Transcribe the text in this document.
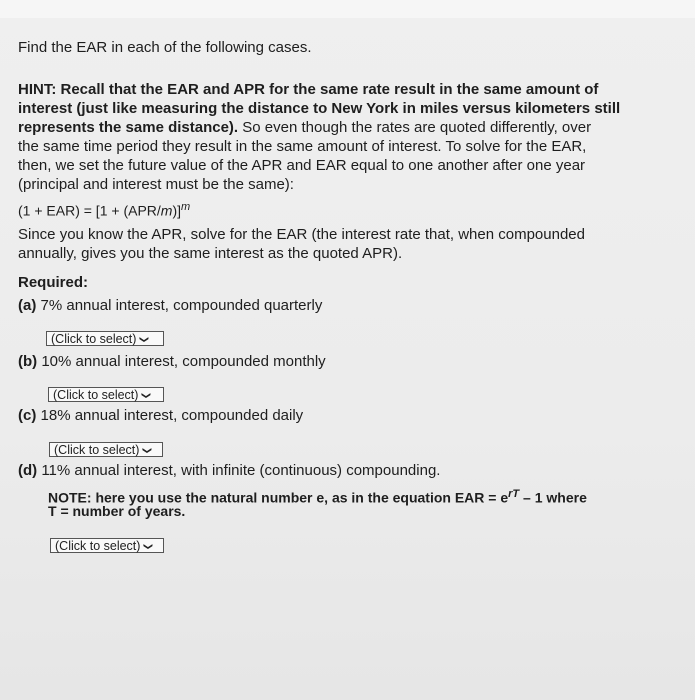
Find the EAR in each of the following cases.
HINT: Recall that the EAR and APR for the same rate result in the same amount of
interest (just like measuring the distance to New York in miles versus kilometers still
represents the same distance). So even though the rates are quoted differently, over
the same time period they result in the same amount of interest. To solve for the EAR,
then, we set the future value of the APR and EAR equal to one another after one year
(principal and interest must be the same):
$(1 + EAR) = [1 + (APR/m)]^m$
Since you know the APR, solve for the EAR (the interest rate that, when compounded
annually, gives you the same interest as the quoted APR).
Required:
(a) 7% annual interest, compounded quarterly
(Click to select) ❯
(b) 10% annual interest, compounded monthly
(Click to select) ❯
(c) 18% annual interest, compounded daily
(Click to select) ❯
(d) 11% annual interest, with infinite (continuous) compounding.
NOTE: here you use the natural number e, as in the equation EAR = $e^{rT} - 1$ where
T = number of years.
(Click to select) ❯
